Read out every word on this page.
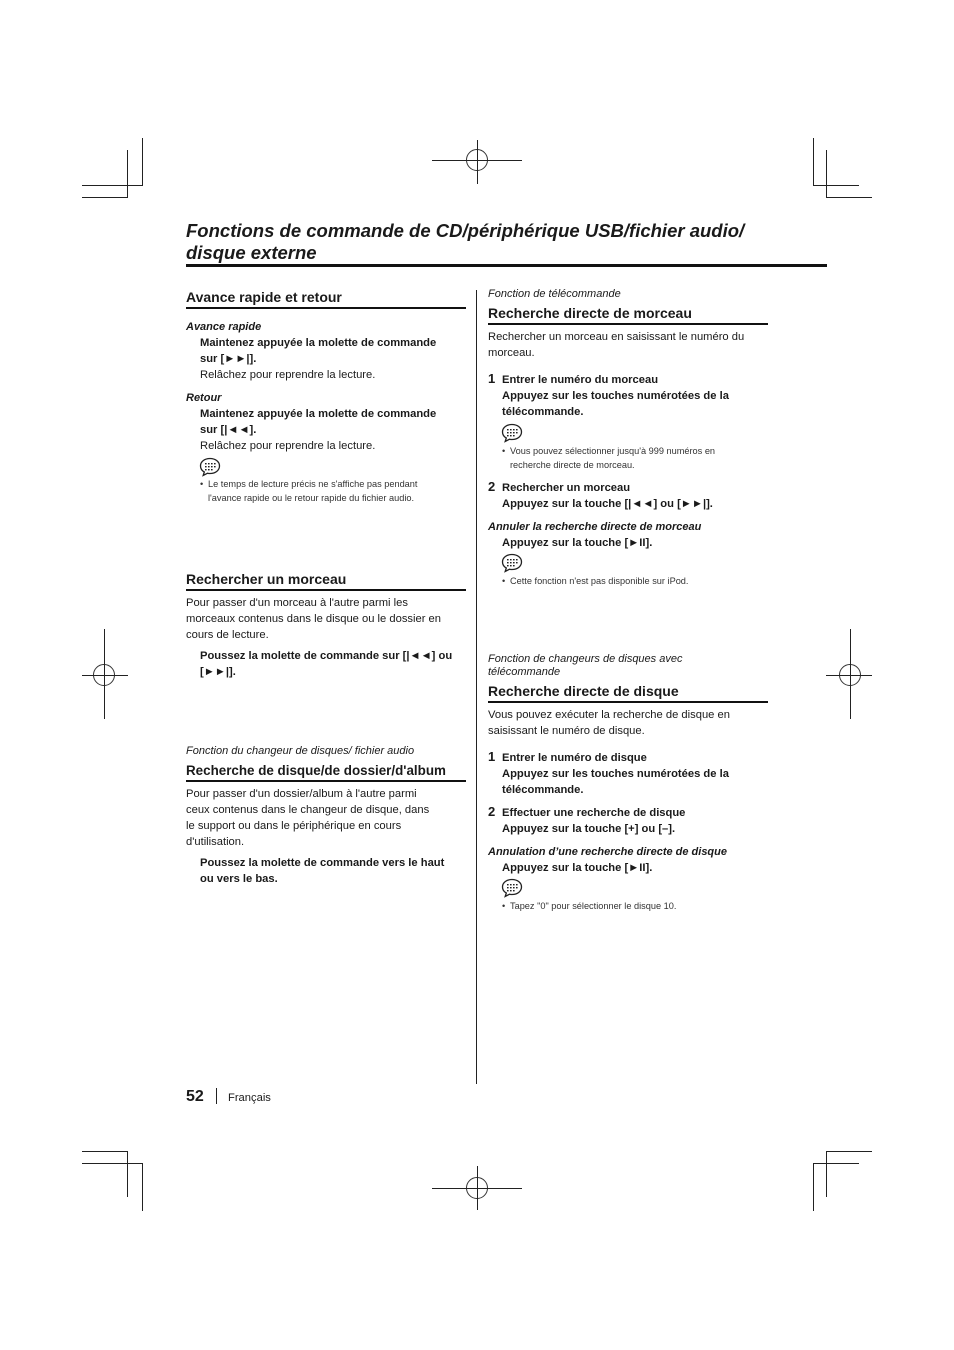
Fonctions de commande de CD/périphérique USB/fichier audio/
disque externe
Avance rapide et retour
Avance rapide
Maintenez appuyée la molette de commande
sur [►►|].
Relâchez pour reprendre la lecture.
Retour
Maintenez appuyée la molette de commande
sur [|◄◄].
Relâchez pour reprendre la lecture.
• Le temps de lecture précis ne s'affiche pas pendant
l'avance rapide ou le retour rapide du fichier audio.
Rechercher un morceau
Pour passer d'un morceau à l'autre parmi les
morceaux contenus dans le disque ou le dossier en
cours de lecture.
Poussez la molette de commande sur [|◄◄] ou
[►►|].
Fonction du changeur de disques/ fichier audio
Recherche de disque/de dossier/d'album
Pour passer d'un dossier/album à l'autre parmi
ceux contenus dans le changeur de disque, dans
le support ou dans le périphérique en cours
d'utilisation.
Poussez la molette de commande vers le haut
ou vers le bas.
Fonction de télécommande
Recherche directe de morceau
Rechercher un morceau en saisissant le numéro du
morceau.
1 Entrer le numéro du morceau
Appuyez sur les touches numérotées de la
télécommande.
• Vous pouvez sélectionner jusqu'à 999 numéros en
recherche directe de morceau.
2 Rechercher un morceau
Appuyez sur la touche [|◄◄] ou [►►|].
Annuler la recherche directe de morceau
Appuyez sur la touche [►II].
• Cette fonction n'est pas disponible sur iPod.
Fonction de changeurs de disques avec
télécommande
Recherche directe de disque
Vous pouvez exécuter la recherche de disque en
saisissant le numéro de disque.
1 Entrer le numéro de disque
Appuyez sur les touches numérotées de la
télécommande.
2 Effectuer une recherche de disque
Appuyez sur la touche [+] ou [–].
Annulation d’une recherche directe de disque
Appuyez sur la touche [►II].
• Tapez "0" pour sélectionner le disque 10.
52 Français
